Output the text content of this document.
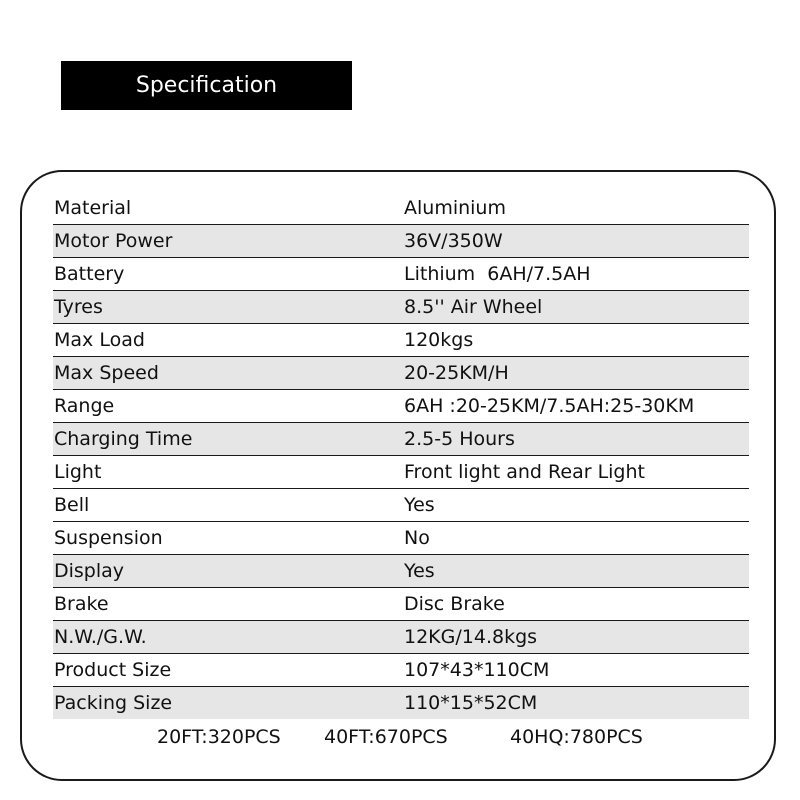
Specification
Material	Aluminium
Motor Power	36V/350W
Battery	Lithium  6AH/7.5AH
Tyres	8.5'' Air Wheel
Max Load	120kgs
Max Speed	20-25KM/H
Range	6AH :20-25KM/7.5AH:25-30KM
Charging Time	2.5-5 Hours
Light	Front light and Rear Light
Bell	Yes
Suspension	No
Display	Yes
Brake	Disc Brake
N.W./G.W.	12KG/14.8kgs
Product Size	107*43*110CM
Packing Size	110*15*52CM
20FT:320PCS 40FT:670PCS	40HQ:780PCS
